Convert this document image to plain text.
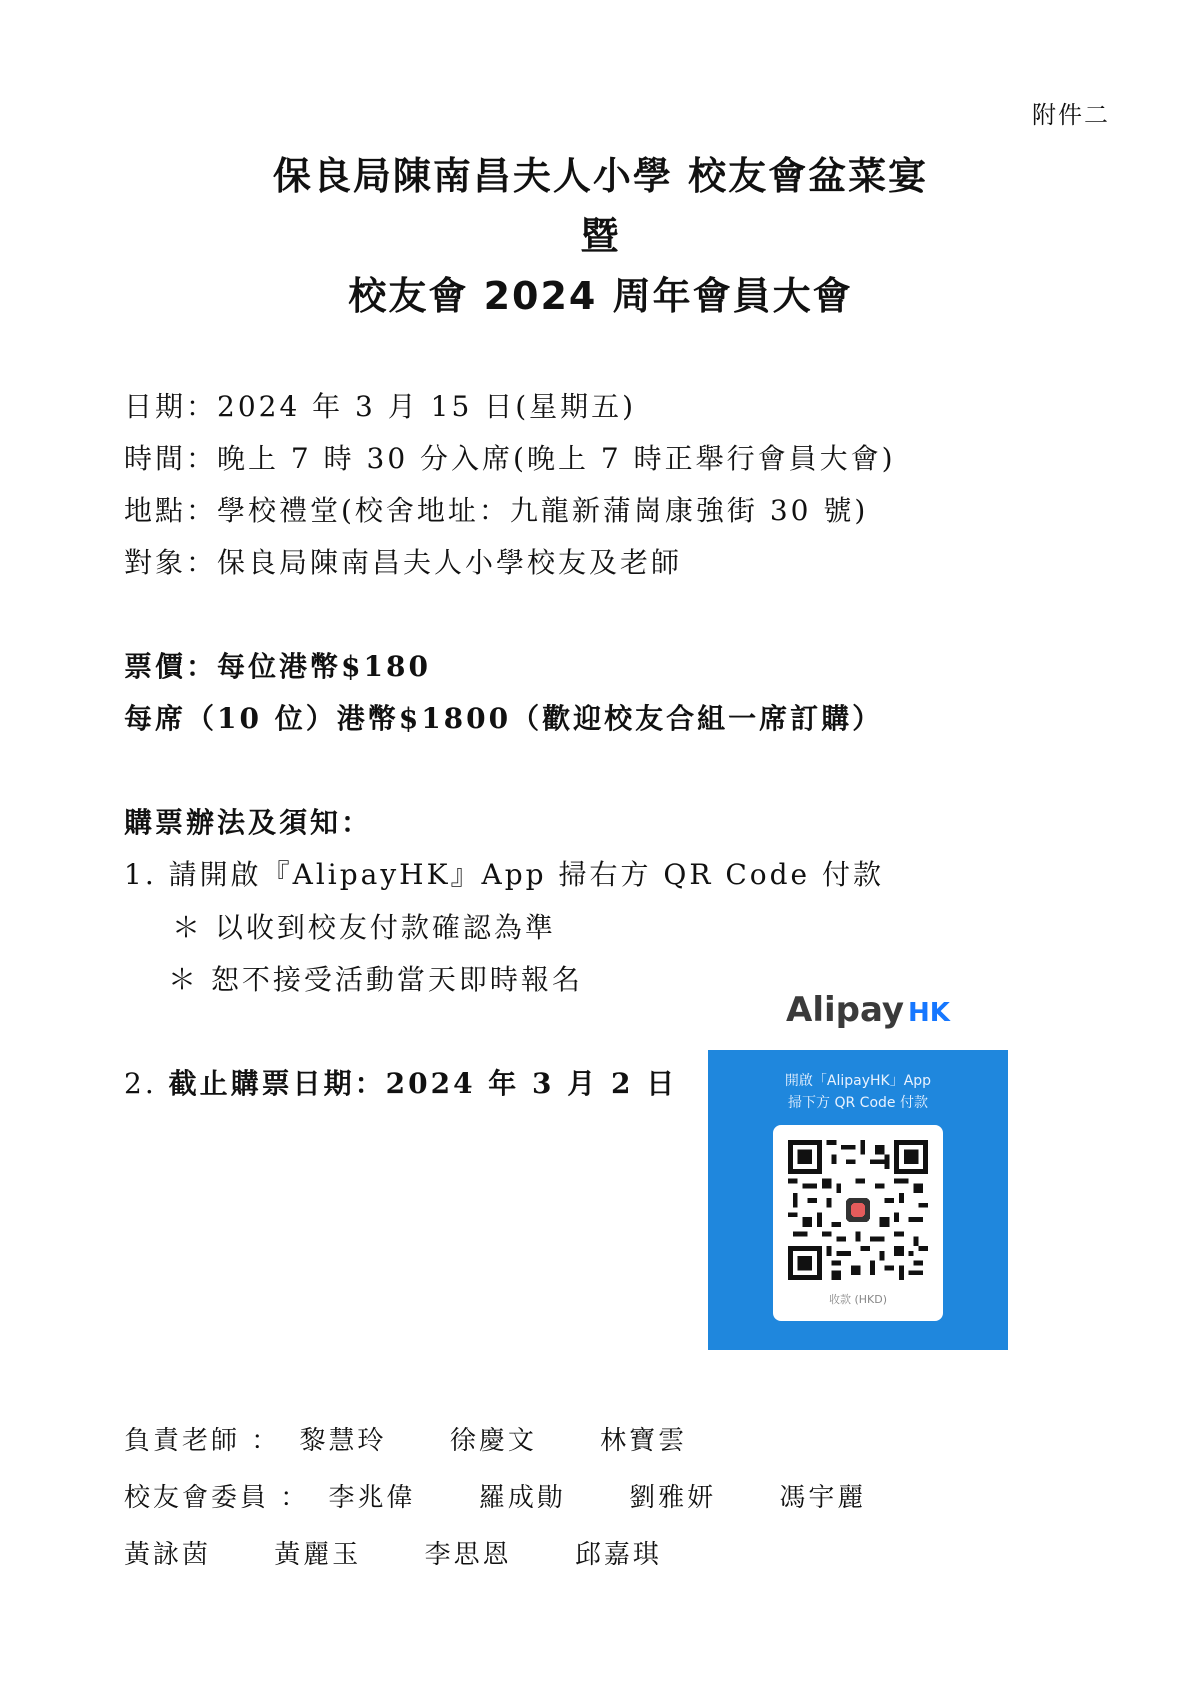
附件二
保良局陳南昌夫人小學 校友會盆菜宴
暨
校友會 2024 周年會員大會
日期：2024 年 3 月 15 日(星期五)
時間：晚上 7 時 30 分入席(晚上 7 時正舉行會員大會)
地點：學校禮堂(校舍地址：九龍新蒲崗康強街 30 號)
對象：保良局陳南昌夫人小學校友及老師
票價：每位港幣$180
每席（10 位）港幣$1800（歡迎校友合組一席訂購）
購票辦法及須知：
1. 請開啟『AlipayHK』App 掃右方 QR Code 付款
＊ 以收到校友付款確認為準
＊ 恕不接受活動當天即時報名
2. 截止購票日期：2024 年 3 月 2 日
Alipay HK
開啟「AlipayHK」App
掃下方 QR Code 付款
收款 (HKD)
負責老師 ： 黎慧玲 徐慶文 林寶雲
校友會委員 ： 李兆偉 羅成勛 劉雅妍 馮宇麗
黃詠茵 黃麗玉 李思恩 邱嘉琪
